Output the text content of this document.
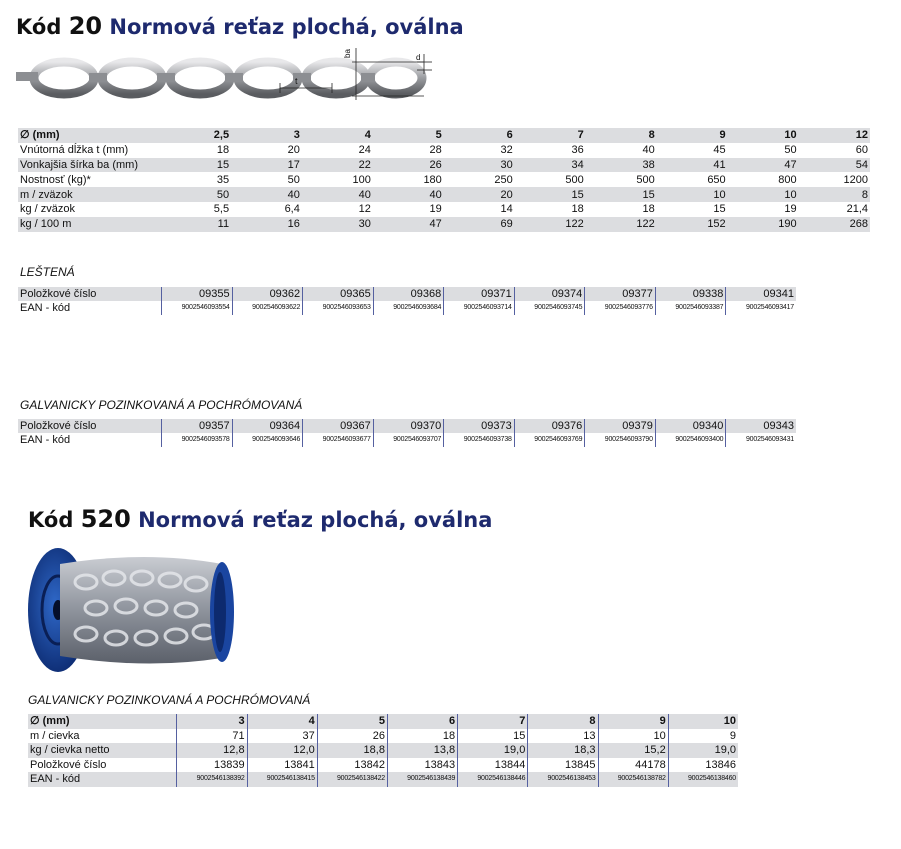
Kód 20 Normová reťaz plochá, oválna
t
ba	d
∅ (mm)	2,5	3	4	5	6	7	8	9	10	12
Vnútorná dĺžka t (mm)	18	20	24	28	32	36	40	45	50	60
Vonkajšia šírka ba (mm)	15	17	22	26	30	34	38	41	47	54
Nostnosť (kg)*	35	50	100	180	250	500	500	650	800	1200
m / zväzok	50	40	40	40	20	15	15	10	10	8
kg / zväzok	5,5	6,4	12	19	14	18	18	15	19	21,4
kg / 100 m	11	16	30	47	69	122	122	152	190	268
LEŠTENÁ
Položkové číslo	09355	09362	09365	09368	09371	09374	09377	09338	09341
EAN - kód	9002546093554	9002546093622	9002546093653	9002546093684	9002546093714	9002546093745	9002546093776	9002546093387	9002546093417
GALVANICKY POZINKOVANÁ A POCHRÓMOVANÁ
Položkové číslo	09357	09364	09367	09370	09373	09376	09379	09340	09343
EAN - kód	9002546093578	9002546093646	9002546093677	9002546093707	9002546093738	9002546093769	9002546093790	9002546093400	9002546093431
Kód 520 Normová reťaz plochá, oválna
GALVANICKY POZINKOVANÁ A POCHRÓMOVANÁ
∅ (mm)	3	4	5	6	7	8	9	10
m / cievka	71	37	26	18	15	13	10	9
kg / cievka netto	12,8	12,0	18,8	13,8	19,0	18,3	15,2	19,0
Položkové číslo	13839	13841	13842	13843	13844	13845	44178	13846
EAN - kód	9002546138392	9002546138415	9002546138422	9002546138439	9002546138446	9002546138453	9002546138782	9002546138460
